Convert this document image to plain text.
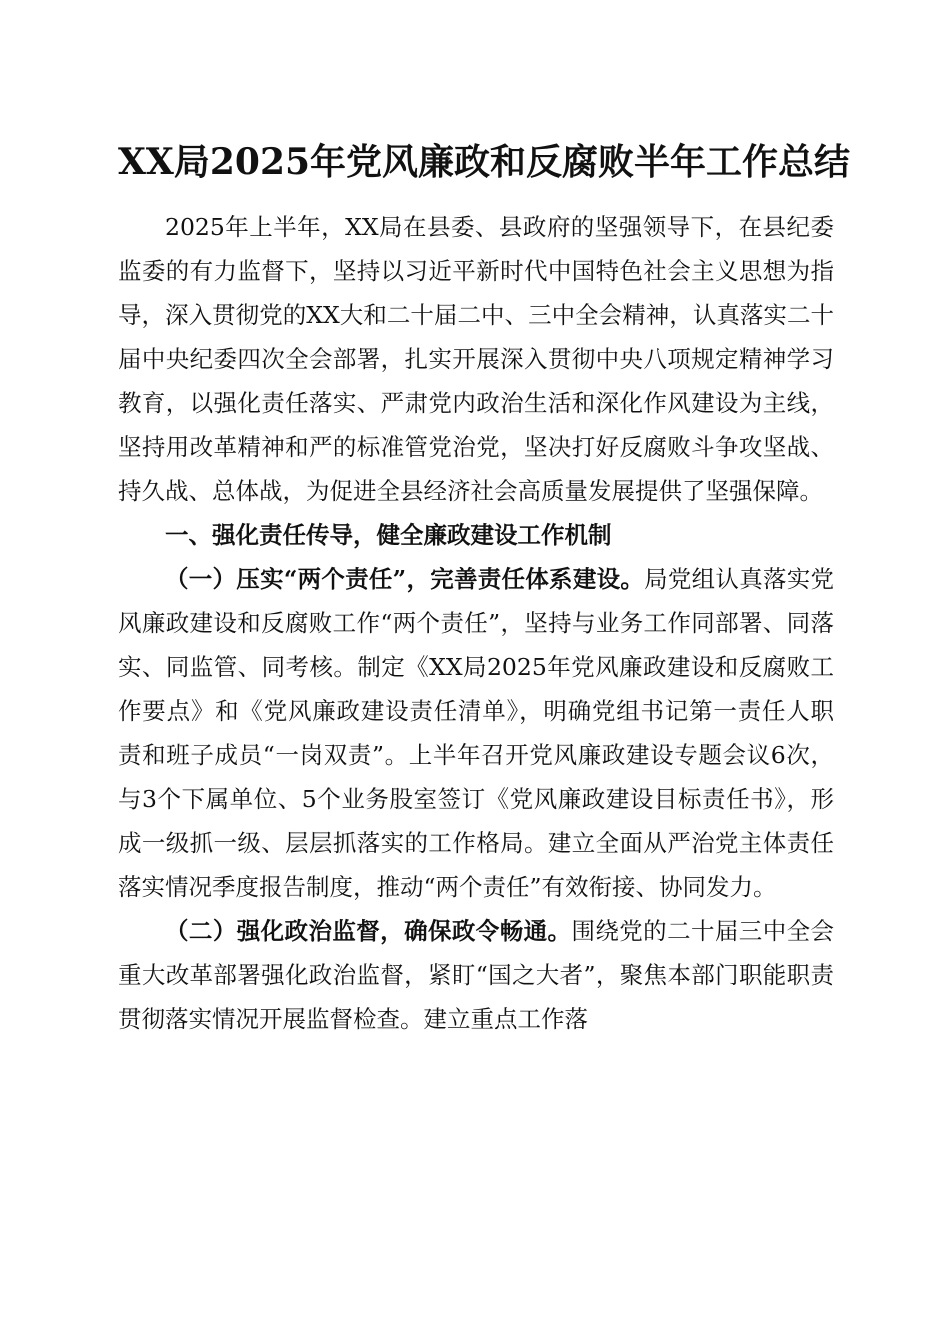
XX局2025年党风廉政和反腐败半年工作总结

2025年上半年，XX局在县委、县政府的坚强领导下，在县纪委监委的有力监督下，坚持以习近平新时代中国特色社会主义思想为指导，深入贯彻党的XX大和二十届二中、三中全会精神，认真落实二十届中央纪委四次全会部署，扎实开展深入贯彻中央八项规定精神学习教育，以强化责任落实、严肃党内政治生活和深化作风建设为主线，坚持用改革精神和严的标准管党治党，坚决打好反腐败斗争攻坚战、持久战、总体战，为促进全县经济社会高质量发展提供了坚强保障。

一、强化责任传导，健全廉政建设工作机制

（一）压实“两个责任”，完善责任体系建设。局党组认真落实党风廉政建设和反腐败工作“两个责任”，坚持与业务工作同部署、同落实、同监管、同考核。制定《XX局2025年党风廉政建设和反腐败工作要点》和《党风廉政建设责任清单》，明确党组书记第一责任人职责和班子成员“一岗双责”。上半年召开党风廉政建设专题会议6次，与3个下属单位、5个业务股室签订《党风廉政建设目标责任书》，形成一级抓一级、层层抓落实的工作格局。建立全面从严治党主体责任落实情况季度报告制度，推动“两个责任”有效衔接、协同发力。

（二）强化政治监督，确保政令畅通。围绕党的二十届三中全会重大改革部署强化政治监督，紧盯“国之大者”，聚焦本部门职能职责贯彻落实情况开展监督检查。建立重点工作落
